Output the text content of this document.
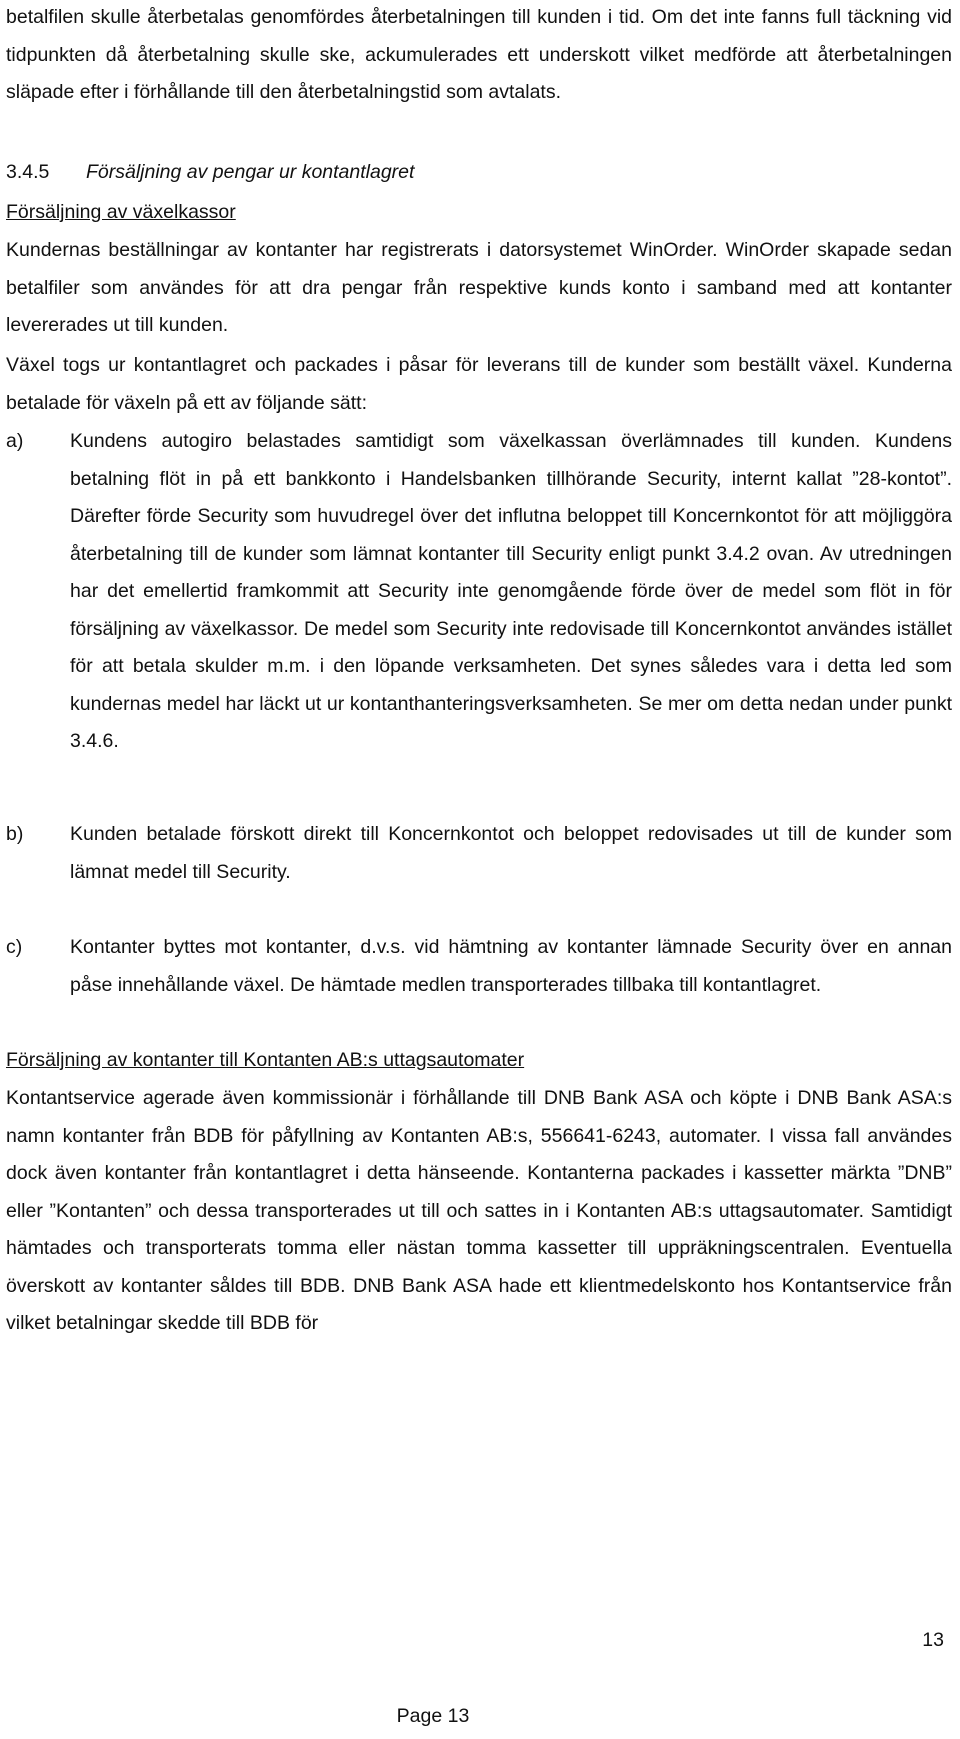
betalfilen skulle återbetalas genomfördes återbetalningen till kunden i tid. Om det inte fanns full täckning vid tidpunkten då återbetalning skulle ske, ackumulerades ett underskott vilket medförde att återbetalningen släpade efter i förhållande till den återbetalningstid som avtalats.

3.4.5 Försäljning av pengar ur kontantlagret

Försäljning av växelkassor

Kundernas beställningar av kontanter har registrerats i datorsystemet WinOrder. WinOrder skapade sedan betalfiler som användes för att dra pengar från respektive kunds konto i samband med att kontanter levererades ut till kunden.

Växel togs ur kontantlagret och packades i påsar för leverans till de kunder som beställt växel. Kunderna betalade för växeln på ett av följande sätt:

a) Kundens autogiro belastades samtidigt som växelkassan överlämnades till kunden. Kundens betalning flöt in på ett bankkonto i Handelsbanken tillhörande Security, internt kallat ”28-kontot”. Därefter förde Security som huvudregel över det influtna beloppet till Koncernkontot för att möjliggöra återbetalning till de kunder som lämnat kontanter till Security enligt punkt 3.4.2 ovan. Av utredningen har det emellertid framkommit att Security inte genomgående förde över de medel som flöt in för försäljning av växelkassor. De medel som Security inte redovisade till Koncernkontot användes istället för att betala skulder m.m. i den löpande verksamheten. Det synes således vara i detta led som kundernas medel har läckt ut ur kontanthanteringsverksamheten. Se mer om detta nedan under punkt 3.4.6.

b) Kunden betalade förskott direkt till Koncernkontot och beloppet redovisades ut till de kunder som lämnat medel till Security.

c) Kontanter byttes mot kontanter, d.v.s. vid hämtning av kontanter lämnade Security över en annan påse innehållande växel. De hämtade medlen transporterades tillbaka till kontantlagret.

Försäljning av kontanter till Kontanten AB:s uttagsautomater

Kontantservice agerade även kommissionär i förhållande till DNB Bank ASA och köpte i DNB Bank ASA:s namn kontanter från BDB för påfyllning av Kontanten AB:s, 556641-6243, automater. I vissa fall användes dock även kontanter från kontantlagret i detta hänseende. Kontanterna packades i kassetter märkta ”DNB” eller ”Kontanten” och dessa transporterades ut till och sattes in i Kontanten AB:s uttagsautomater. Samtidigt hämtades och transporterats tomma eller nästan tomma kassetter till uppräkningscentralen. Eventuella överskott av kontanter såldes till BDB. DNB Bank ASA hade ett klientmedelskonto hos Kontantservice från vilket betalningar skedde till BDB för

13
Page 13
